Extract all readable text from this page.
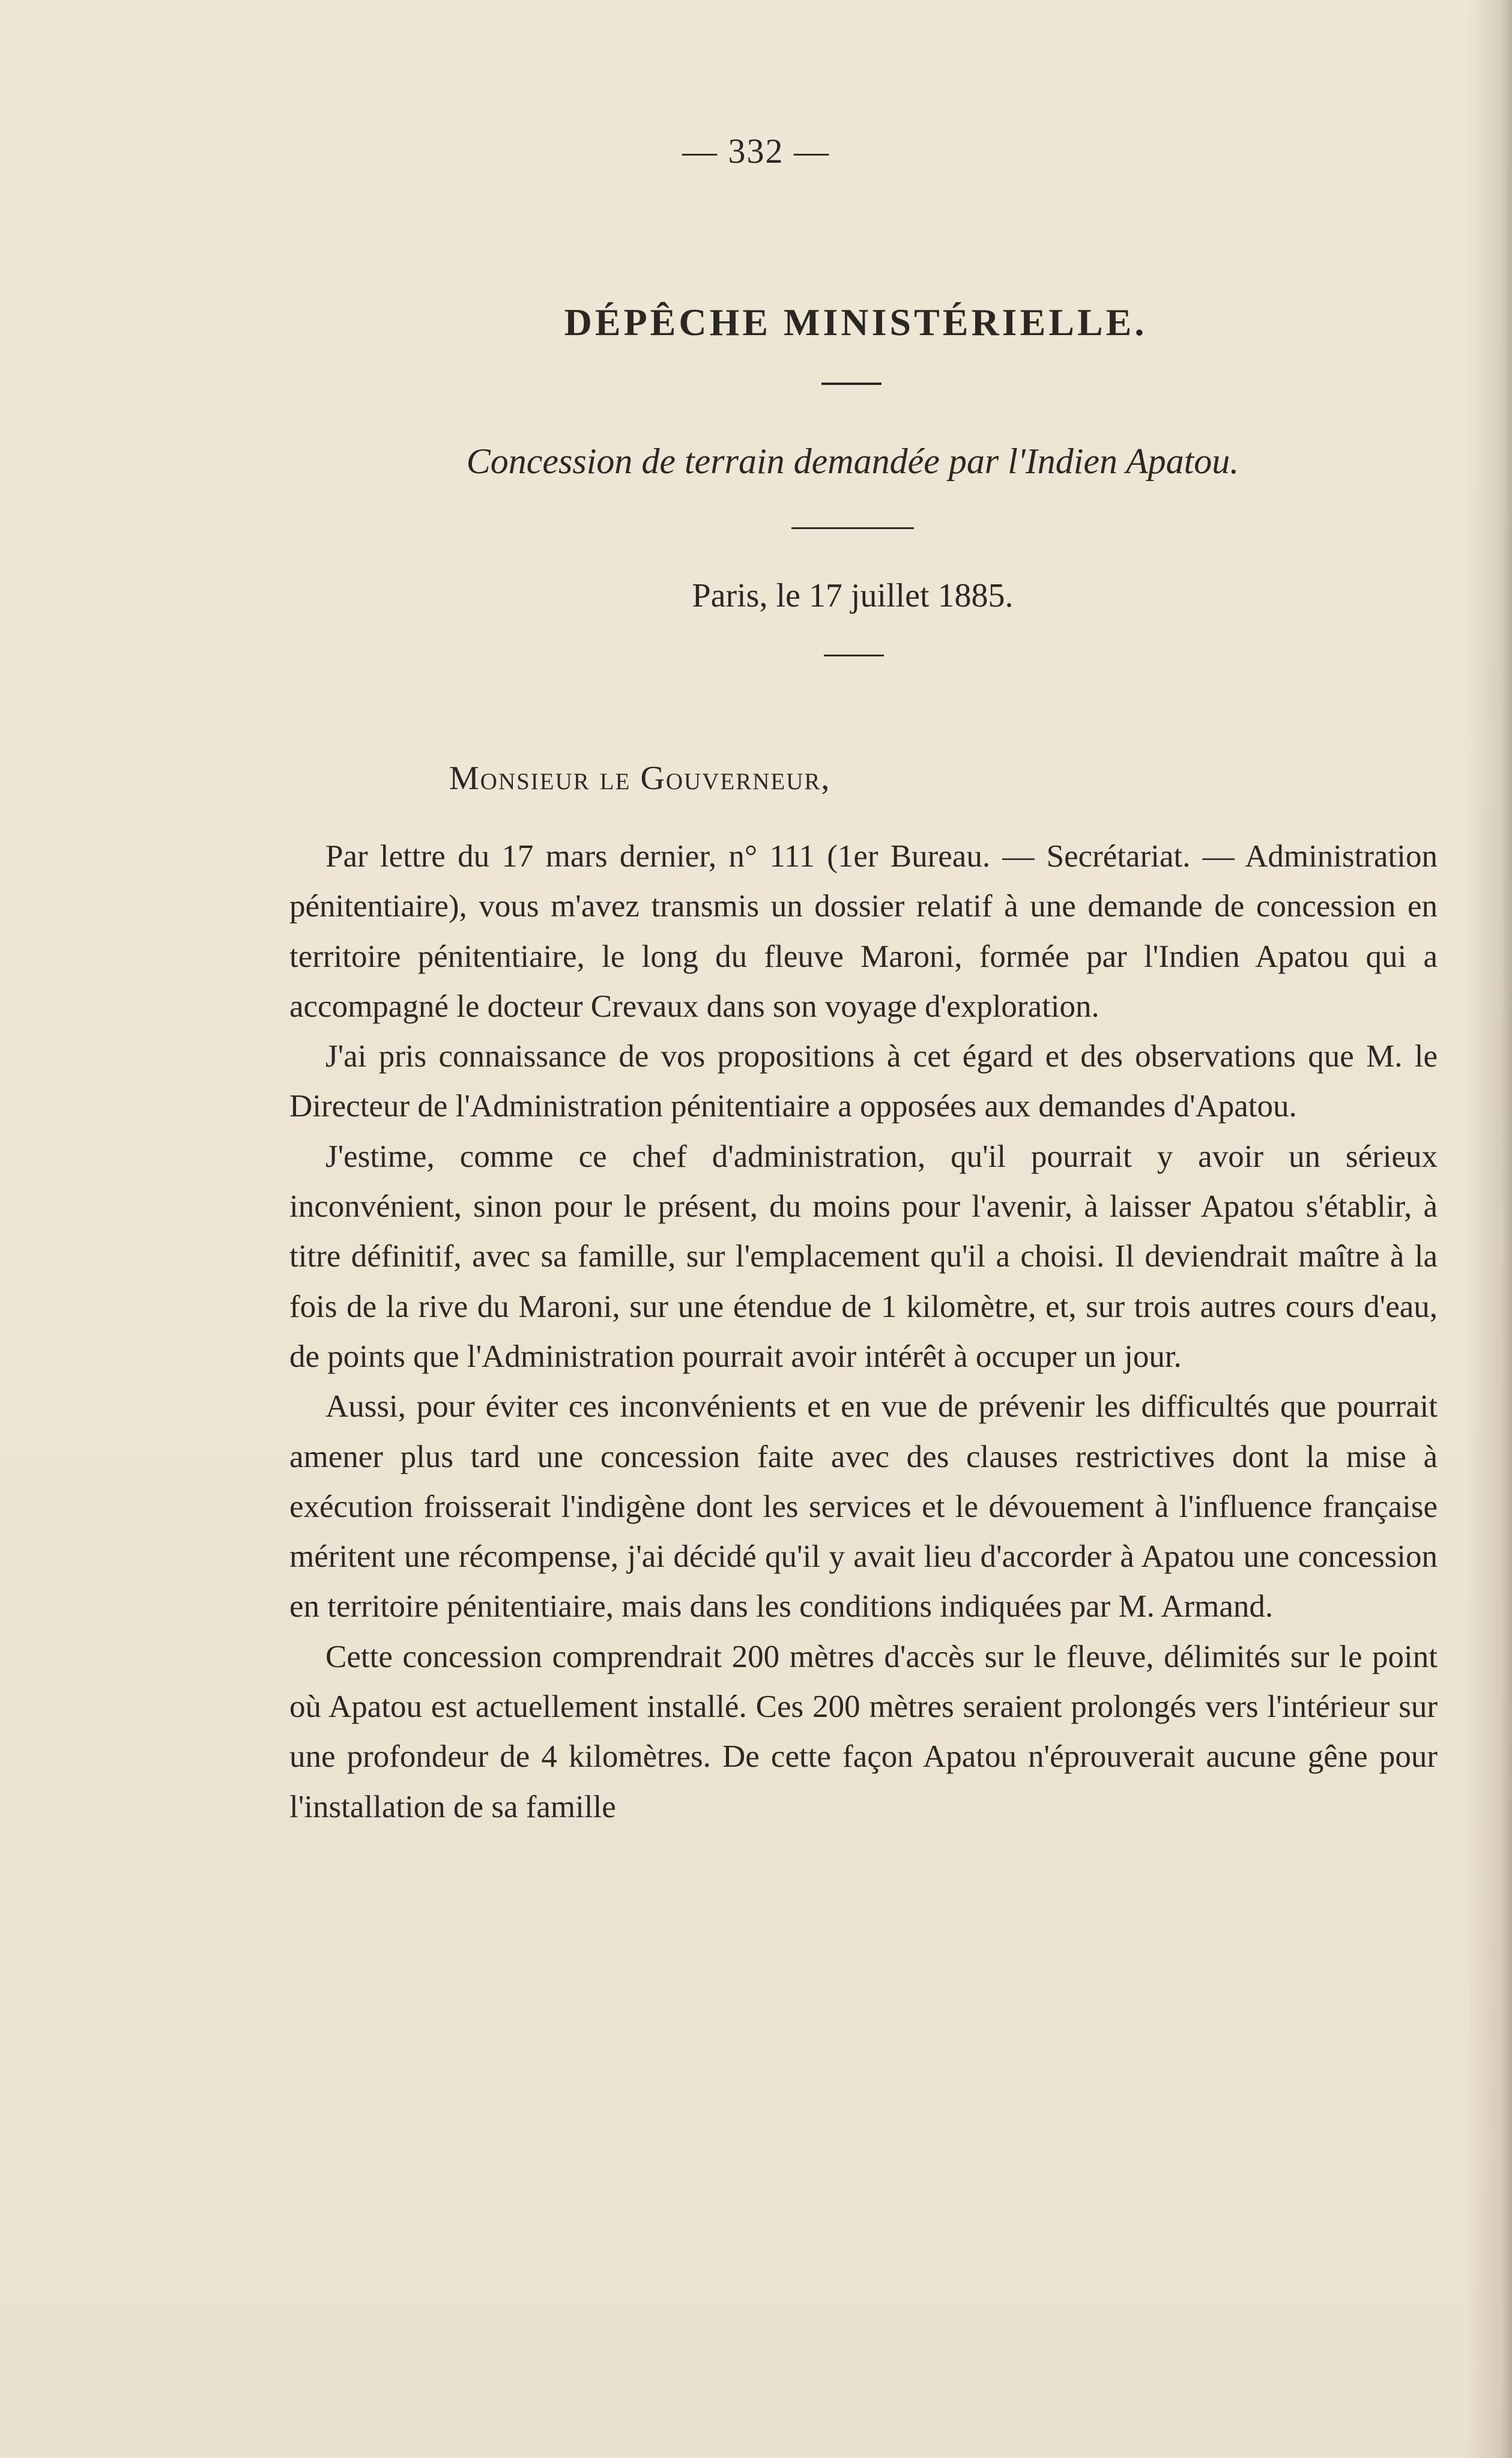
— 332 —
DÉPÊCHE MINISTÉRIELLE.
Concession de terrain demandée par l'Indien Apatou.
Paris, le 17 juillet 1885.
Monsieur le Gouverneur,

Par lettre du 17 mars dernier, n° 111 (1er Bureau. — Secrétariat. — Administration pénitentiaire), vous m'avez transmis un dossier relatif à une demande de concession en territoire pénitentiaire, le long du fleuve Maroni, formée par l'Indien Apatou qui a accompagné le docteur Crevaux dans son voyage d'exploration.

J'ai pris connaissance de vos propositions à cet égard et des observations que M. le Directeur de l'Administration pénitentiaire a opposées aux demandes d'Apatou.

J'estime, comme ce chef d'administration, qu'il pourrait y avoir un sérieux inconvénient, sinon pour le présent, du moins pour l'avenir, à laisser Apatou s'établir, à titre définitif, avec sa famille, sur l'emplacement qu'il a choisi. Il deviendrait maître à la fois de la rive du Maroni, sur une étendue de 1 kilomètre, et, sur trois autres cours d'eau, de points que l'Administration pourrait avoir intérêt à occuper un jour.

Aussi, pour éviter ces inconvénients et en vue de prévenir les difficultés que pourrait amener plus tard une concession faite avec des clauses restrictives dont la mise à exécution froisserait l'indigène dont les services et le dévouement à l'influence française méritent une récompense, j'ai décidé qu'il y avait lieu d'accorder à Apatou une concession en territoire pénitentiaire, mais dans les conditions indiquées par M. Armand.

Cette concession comprendrait 200 mètres d'accès sur le fleuve, délimités sur le point où Apatou est actuellement installé. Ces 200 mètres seraient prolongés vers l'intérieur sur une profondeur de 4 kilomètres. De cette façon Apatou n'éprouverait aucune gêne pour l'installation de sa famille
